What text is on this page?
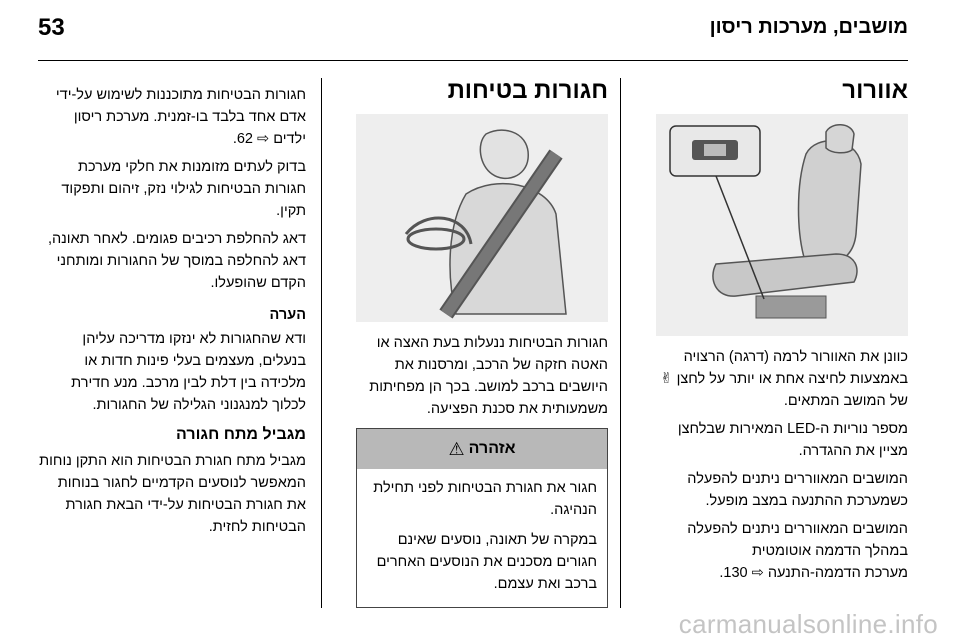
מושבים, מערכות ריסון
53
אוורור

כוונן את האוורור לרמה (דרגה) הרצויה באמצעות לחיצה אחת או יותר על לחצן ✌ של המושב המתאים.

מספר נוריות ה-LED המאירות שבלחצן מציין את ההגדרה.

המושבים המאווררים ניתנים להפעלה כשמערכת ההתנעה במצב מופעל.

המושבים המאווררים ניתנים להפעלה במהלך הדממה אוטומטית

מערכת הדממה-התנעה ⇨ 130.

חגורות בטיחות

חגורות הבטיחות ננעלות בעת האצה או האטה חזקה של הרכב, ומרסנות את היושבים ברכב למושב. בכך הן מפחיתות משמעותית את סכנת הפציעה.

אזהרה
⚠

חגור את חגורת הבטיחות לפני תחילת הנהיגה.

במקרה של תאונה, נוסעים שאינם חגורים מסכנים את הנוסעים האחרים ברכב ואת עצמם.

חגורות הבטיחות מתוכננות לשימוש על-ידי אדם אחד בלבד בו-זמנית. מערכת ריסון ילדים ⇨ 62.

בדוק לעתים מזומנות את חלקי מערכת חגורות הבטיחות לגילוי נזק, זיהום ותפקוד תקין.

דאג להחלפת רכיבים פגומים. לאחר תאונה, דאג להחלפה במוסך של החגורות ומותחני הקדם שהופעלו.

הערה

ודא שהחגורות לא ינזקו מדריכה עליהן בנעלים, מעצמים בעלי פינות חדות או מלכידה בין דלת לבין מרכב. מנע חדירת לכלוך למנגנוני הגלילה של החגורות.

מגביל מתח חגורה

מגביל מתח חגורת הבטיחות הוא התקן נוחות המאפשר לנוסעים הקדמיים לחגור בנוחות את חגורת הבטיחות על-ידי הבאת חגורת הבטיחות לחזית.

carmanualsonline.info
